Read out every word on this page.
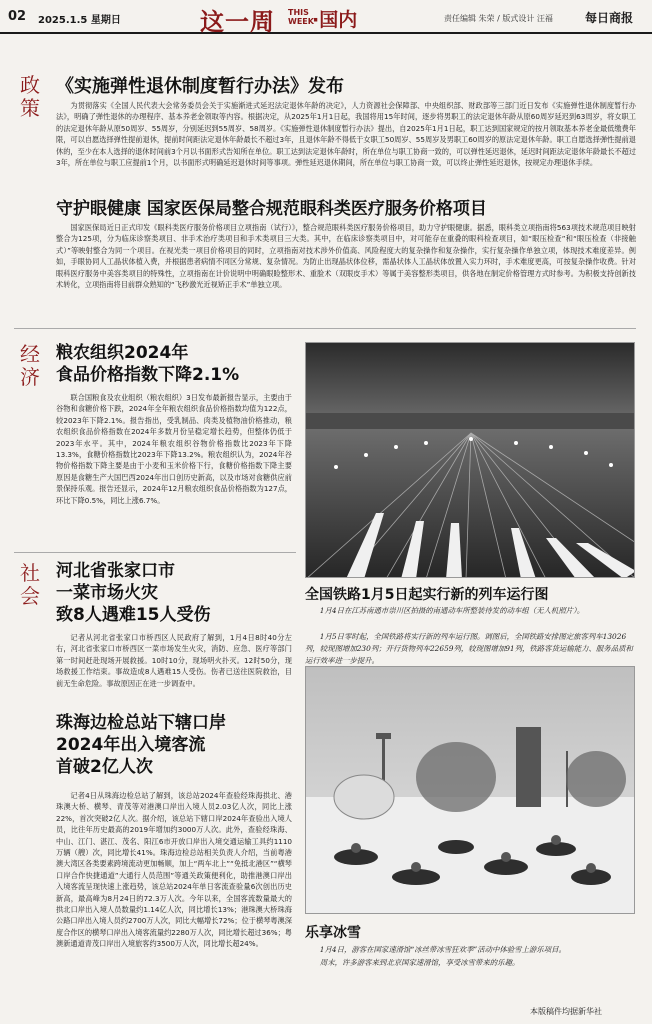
02 2025.1.5 星期日	这一周 THIS WEEK
·国内	责任编辑 朱荣 / 版式设计 汪福	每日商报
政策
《实施弹性退休制度暂行办法》发布
为贯彻落实《全国人民代表大会常务委员会关于实施渐进式延迟法定退休年龄的决定》，人力资源社会保障部、中央组织部、财政部等三部门近日发布《实施弹性退休制度暂行办法》，明确了弹性退休的办理程序、基本养老金领取等内容。根据决定，从2025年1月1日起，我国将用15年时间，逐步将男职工的法定退休年龄从原60周岁延迟到63周岁，将女职工的法定退休年龄从原50周岁、55周岁，分别延迟到55周岁、58周岁。《实施弹性退休制度暂行办法》提出，自2025年1月1日起，职工达到国家规定的按月领取基本养老金最低缴费年限，可以自愿选择弹性提前退休，提前时间距法定退休年龄最长不超过3年，且退休年龄不得低于女职工50周岁、55周岁及男职工60周岁的原法定退休年龄。职工自愿选择弹性提前退休的，至少在本人选择的退休时间前3个月以书面形式告知所在单位。职工达到法定退休年龄时，所在单位与职工协商一致的，可以弹性延迟退休，延迟时间距法定退休年龄最长不超过3年，所在单位与职工应提前1个月，以书面形式明确延迟退休时间等事项。弹性延迟退休期间，所在单位与职工协商一致，可以终止弹性延迟退休，按规定办理退休手续。
守护眼健康 国家医保局整合规范眼科类医疗服务价格项目
国家医保局近日正式印发《眼科类医疗服务价格项目立项指南（试行）》，整合规范眼科类医疗服务价格项目，助力守护眼健康。据悉，眼科类立项指南将563项技术规范项目映射整合为125项，分为临床诊察类项目、非手术治疗类项目和手术类项目三大类。其中，在临床诊察类项目中，对可能存在重叠的眼科检查项目，如“眼压检查”和“眼压检查（非接触式）”等映射整合为同一个项目。在视光类一项目价格项目的同时，立项指南对技术涉外价值高、风险程度大的复杂操作和复杂操作，实行复杂操作单独立项，体现技术难度差异。例如，手眼协同人工晶状体植入费，并根据患者病情不同区分常规、复杂情况。为防止出现晶状体位移，需晶状体人工晶状体放置入实力环时，手术难度更高，可按复杂操作收费。针对眼科医疗服务中美容类项目的特殊性，立项指南在计价说明中明确眼睑整形术、重脸术（双眼皮手术）等属于美容整形类项目，供各地在制定价格管理方式时参考。为积极支持创新技术转化，立项指南将目前群众熟知的“飞秒激光近视矫正手术”单独立项。
经济
粮农组织2024年
食品价格指数下降2.1%
联合国粮食及农业组织（粮农组织）3日发布最新报告显示，主要由于谷物和食糖价格下跌，2024年全年粮农组织食品价格指数均值为122点，较2023年下降2.1%。报告指出，受乳制品、肉类及植物油价格推动，粮农组织食品价格指数在2024年多数月份呈稳定增长趋势，但整体仍低于2023年水平。其中，2024年粮农组织谷物价格指数比2023年下降13.3%，食糖价格指数比2023年下降13.2%。粮农组织认为，2024年谷物价格指数下降主要是由于小麦和玉米价格下行，食糖价格指数下降主要原因是食糖生产大国巴西2024年出口创历史新高，以及市场对食糖供应前景保持乐观。报告还显示，2024年12月粮农组织食品价格指数为127点，环比下降0.5%，同比上涨6.7%。
全国铁路1月5日起实行新的列车运行图
1月4日在江苏南通市崇川区拍摄的南通动车所整装待发的动车组（无人机照片）。
1月5日零时起，全国铁路将实行新的列车运行图。调图后，全国铁路安排图定旅客列车13026列，较现图增加230列；开行货物列车22659列，较现图增加91列，铁路客货运输能力、服务品质和运行效率进一步提升。
社会
河北省张家口市
一菜市场火灾
致8人遇难15人受伤
记者从河北省张家口市桥西区人民政府了解到，1月4日8时40分左右，河北省张家口市桥西区一菜市场发生火灾，消防、应急、医疗等部门第一时间赶赴现场开展救援。10时10分，现场明火扑灭。12时50分，现场救援工作结束。事故造成8人遇难15人受伤。伤者已送往医院救治，目前无生命危险。事故原因正在进一步调查中。
珠海边检总站下辖口岸
2024年出入境客流
首破2亿人次
记者4日从珠海边检总站了解到，该总站2024年查验经珠海拱北、港珠澳大桥、横琴、青茂等对港澳口岸出入境人员2.03亿人次，同比上涨22%，首次突破2亿人次。据介绍，该总站下辖口岸2024年查验出入境人员，比往年历史最高的2019年增加约3000万人次。此外，查验经珠海、中山、江门、湛江、茂名、阳江6市开放口岸出入境交通运输工具约1110万辆（艘）次，同比增长41%。珠海边检总站相关负责人介绍，当前粤港澳大湾区各类要素跨境流动更加畅顺，加上“两车北上”“免抵北港区”“横琴口岸合作快捷通道”大通行人员范围”等通关政策便利化，助推港澳口岸出入境客流呈现快速上涨趋势，该总站2024年单日客流查验量6次创出历史新高，最高峰为8月24日的72.3万人次。今年以来，全国客流数量最大的拱北口岸出入境人员数量约1.14亿人次，同比增长13%；港珠澳大桥珠海公路口岸出入境人员约2700万人次，同比大幅增长72%；位于横琴粤澳深度合作区的横琴口岸出入境客流量约2280万人次，同比增长超过36%；粤澳新通道青茂口岸出入境旅客约3500万人次，同比增长超24%。
乐享冰雪
1月4日，游客在国家速滑馆“冰丝带冰雪狂欢季”活动中体验雪上游乐项目。
周末，许多游客来到北京国家速滑馆，享受冰雪带来的乐趣。
本版稿件均据新华社
